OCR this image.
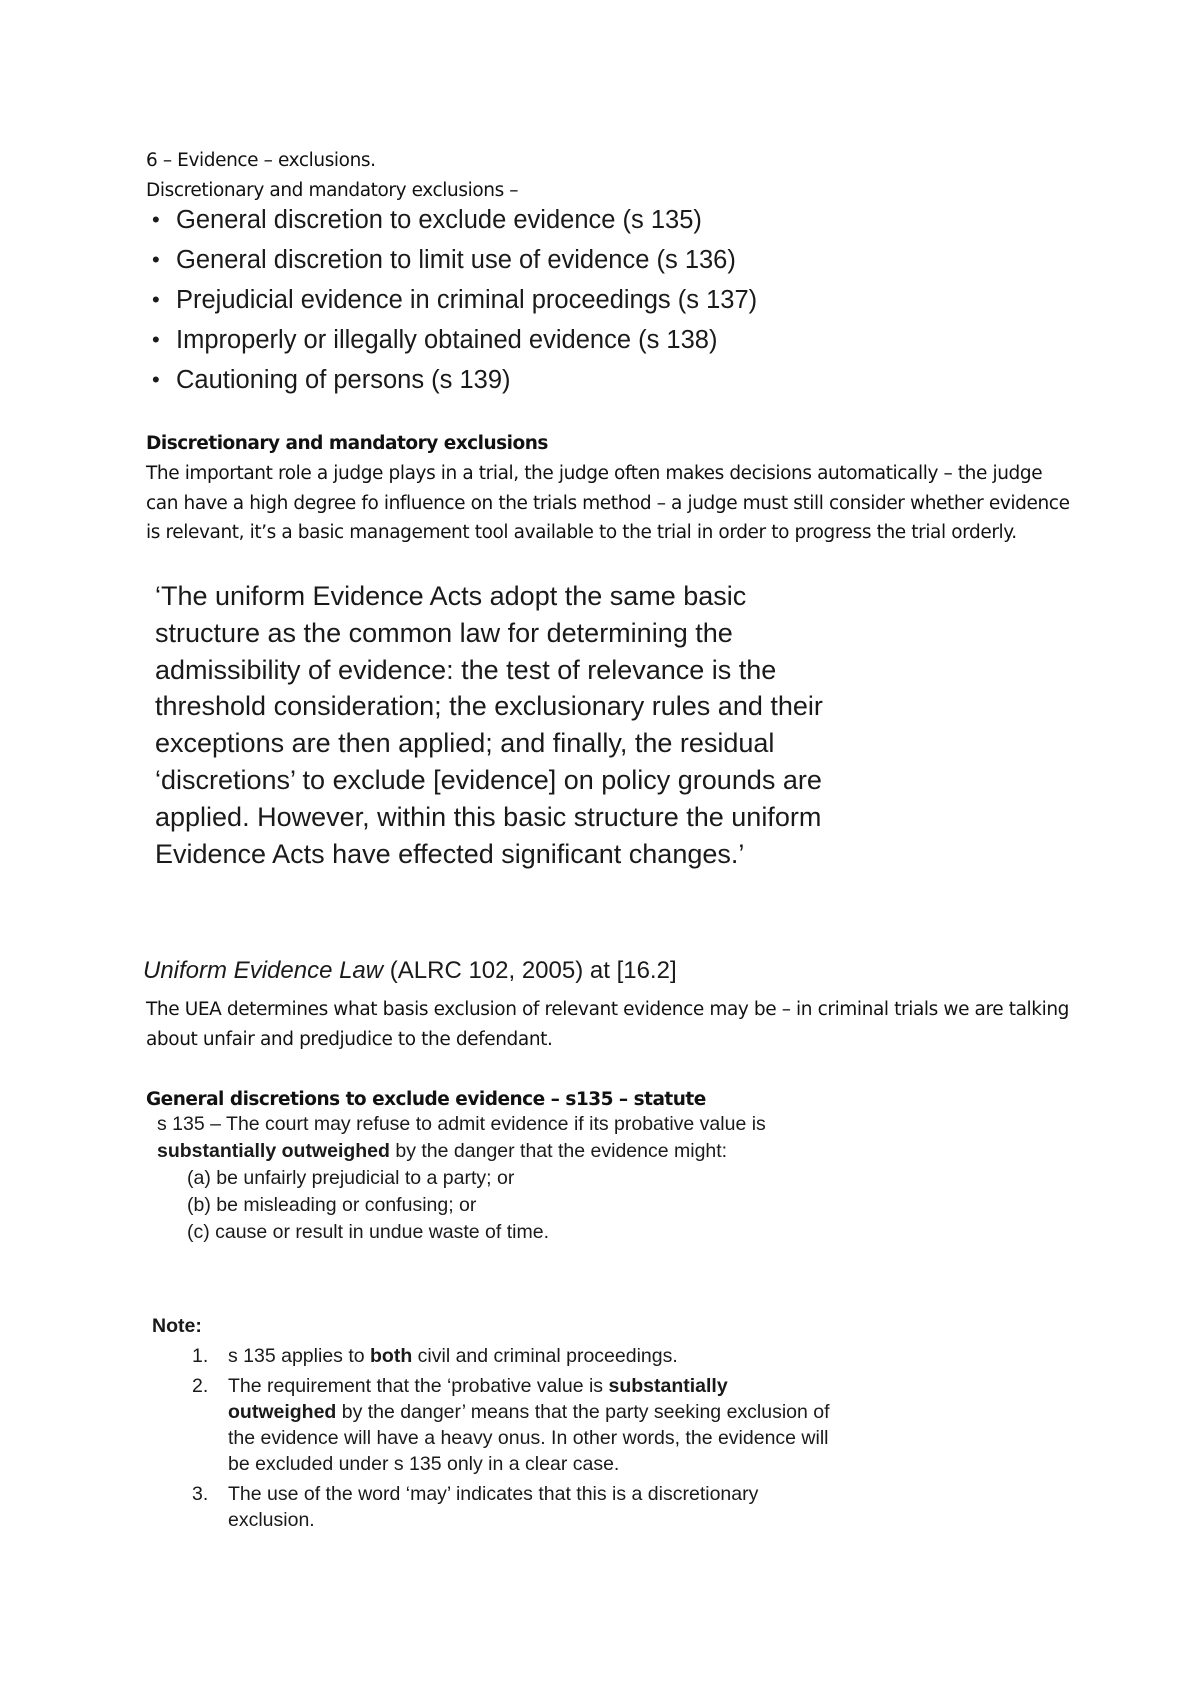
6 – Evidence – exclusions.
Discretionary and mandatory exclusions –
• General discretion to exclude evidence (s 135)
• General discretion to limit use of evidence (s 136)
• Prejudicial evidence in criminal proceedings (s 137)
• Improperly or illegally obtained evidence (s 138)
• Cautioning of persons (s 139)
Discretionary and mandatory exclusions
The important role a judge plays in a trial, the judge often makes decisions automatically – the judge can have a high degree fo influence on the trials method – a judge must still consider whether evidence is relevant, it’s a basic management tool available to the trial in order to progress the trial orderly.

‘The uniform Evidence Acts adopt the same basic structure as the common law for determining the admissibility of evidence: the test of relevance is the threshold consideration; the exclusionary rules and their exceptions are then applied; and finally, the residual ‘discretions’ to exclude [evidence] on policy grounds are applied. However, within this basic structure the uniform Evidence Acts have effected significant changes.’

Uniform Evidence Law (ALRC 102, 2005) at [16.2]
The UEA determines what basis exclusion of relevant evidence may be – in criminal trials we are talking about unfair and predjudice to the defendant.
General discretions to exclude evidence – s135 – statute

s 135 – The court may refuse to admit evidence if its probative value is substantially outweighed by the danger that the evidence might:

(a) be unfairly prejudicial to a party; or
(b) be misleading or confusing; or
(c) cause or result in undue waste of time.

Note:

1. s 135 applies to both civil and criminal proceedings.
2. The requirement that the ‘probative value is substantially outweighed by the danger’ means that the party seeking exclusion of the evidence will have a heavy onus. In other words, the evidence will be excluded under s 135 only in a clear case.
3. The use of the word ‘may’ indicates that this is a discretionary exclusion.
